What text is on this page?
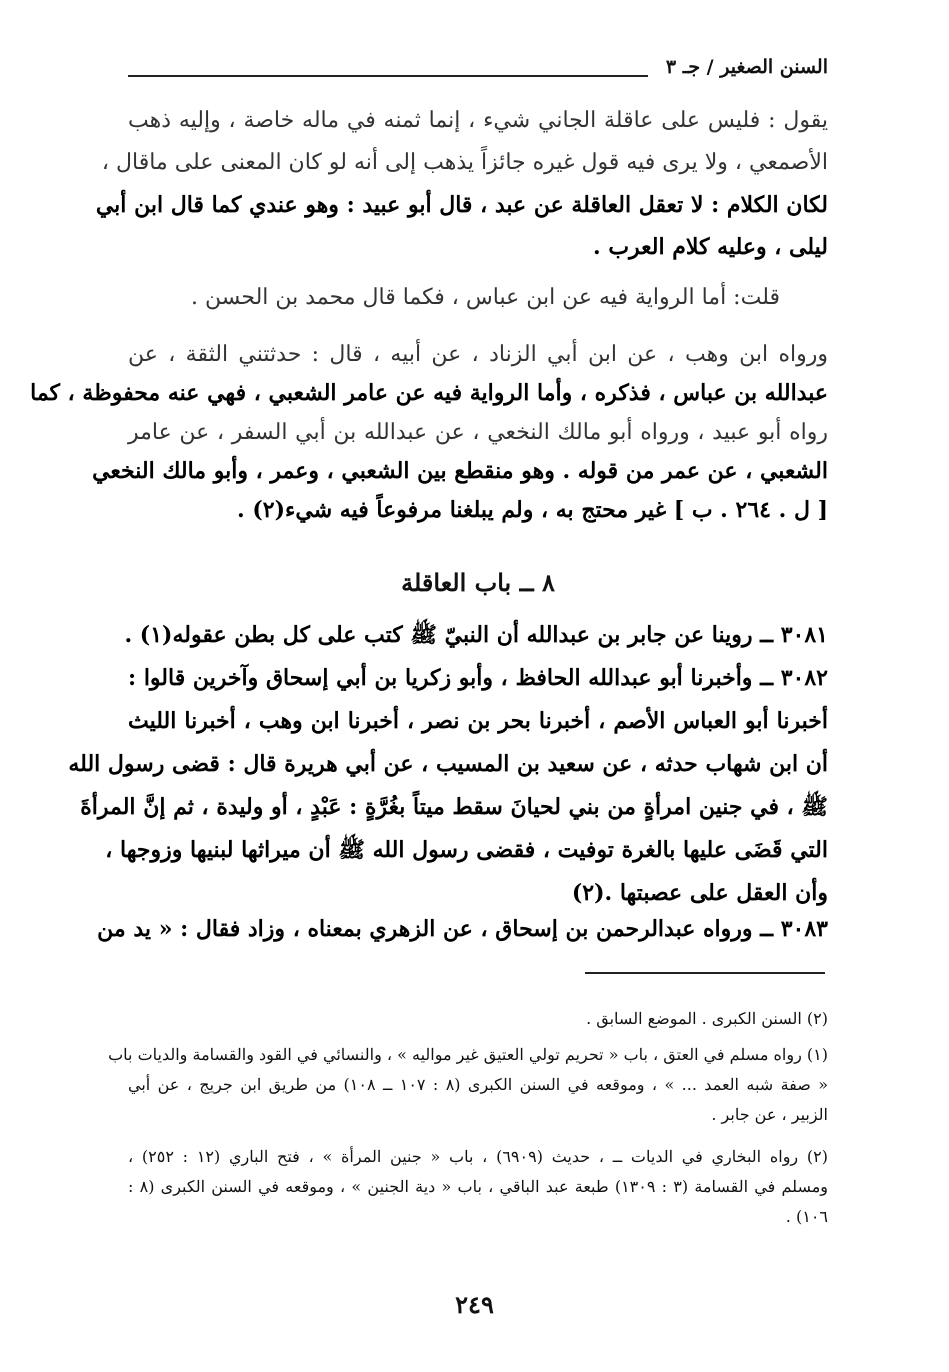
السنن الصغير / جـ ٣
يقول : فليس على عاقلة الجاني شيء ، إنما ثمنه في ماله خاصة ، وإليه ذهب
الأصمعي ، ولا يرى فيه قول غيره جائزاً يذهب إلى أنه لو كان المعنى على ماقال ،
لكان الكلام : لا تعقل العاقلة عن عبد ، قال أبو عبيد : وهو عندي كما قال ابن أبي
ليلى ، وعليه كلام العرب .
قلت: أما الرواية فيه عن ابن عباس ، فكما قال محمد بن الحسن .
ورواه ابن وهب ، عن ابن أبي الزناد ، عن أبيه ، قال : حدثتني الثقة ، عن
عبدالله بن عباس ، فذكره ، وأما الرواية فيه عن عامر الشعبي ، فهي عنه محفوظة ، كما
رواه أبو عبيد ، ورواه أبو مالك النخعي ، عن عبدالله بن أبي السفر ، عن عامر
الشعبي ، عن عمر من قوله . وهو منقطع بين الشعبي ، وعمر ، وأبو مالك النخعي
[ ل . ٢٦٤ . ب ] غير محتج به ، ولم يبلغنا مرفوعاً فيه شيء(٢) .
٨ ــ باب العاقلة
٣٠٨١ ــ روينا عن جابر بن عبدالله أن النبيّ ﷺ كتب على كل بطن عقوله(١) .
٣٠٨٢ ــ وأخبرنا أبو عبدالله الحافظ ، وأبو زكريا بن أبي إسحاق وآخرين قالوا :
أخبرنا أبو العباس الأصم ، أخبرنا بحر بن نصر ، أخبرنا ابن وهب ، أخبرنا الليث
أن ابن شهاب حدثه ، عن سعيد بن المسيب ، عن أبي هريرة قال : قضى رسول الله
ﷺ ، في جنين امرأةٍ من بني لحيانَ سقط ميتاً بغُرَّةٍ : عَبْدٍ ، أو وليدة ، ثم إنَّ المرأةَ
التي قَضَى عليها بالغرة توفيت ، فقضى رسول الله ﷺ أن ميراثها لبنيها وزوجها ،
وأن العقل على عصبتها .(٢)
٣٠٨٣ ــ ورواه عبدالرحمن بن إسحاق ، عن الزهري بمعناه ، وزاد فقال : « يد من
(٢) السنن الكبرى . الموضع السابق .
(١) رواه مسلم في العتق ، باب « تحريم تولي العتيق غير مواليه » ، والنسائي في القود والقسامة والديات باب
« صفة شبه العمد ... » ، وموقعه في السنن الكبرى (٨ : ١٠٧ ــ ١٠٨) من طريق ابن جريج ، عن أبي
الزبير ، عن جابر .
(٢) رواه البخاري في الديات ــ ، حديث (٦٩٠٩) ، باب « جنين المرأة » ، فتح الباري (١٢ : ٢٥٢) ،
ومسلم في القسامة (٣ : ١٣٠٩) طبعة عبد الباقي ، باب « دية الجنين » ، وموقعه في السنن الكبرى (٨ :
١٠٦) .
٢٤٩
